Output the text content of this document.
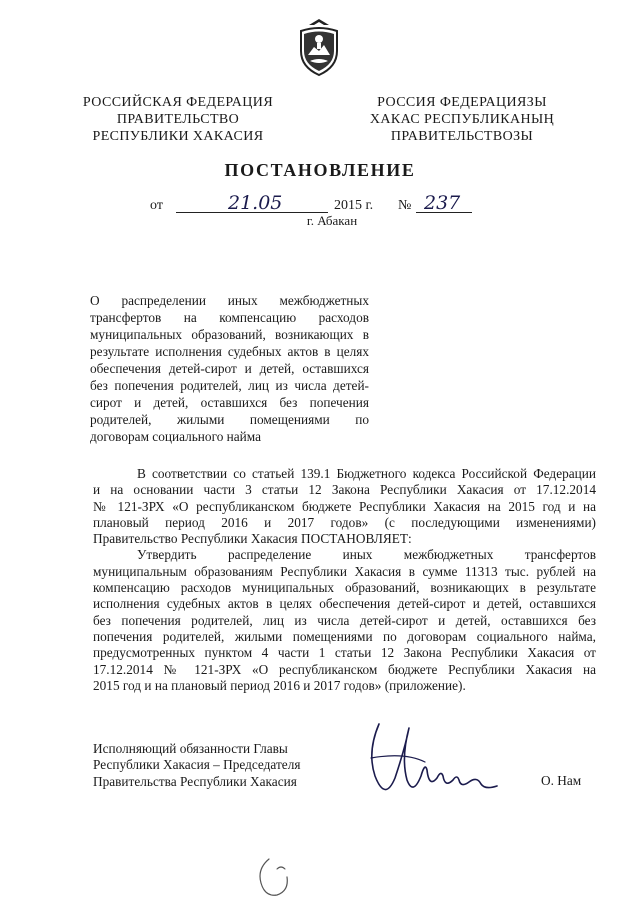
РОССИЙСКАЯ ФЕДЕРАЦИЯ
ПРАВИТЕЛЬСТВО
РЕСПУБЛИКИ ХАКАСИЯ
РОССИЯ ФЕДЕРАЦИЯЗЫ
ХАКАС РЕСПУБЛИКАНЫҢ
ПРАВИТЕЛЬСТВОЗЫ
ПОСТАНОВЛЕНИЕ
от	21.05	2015 г. № 237
г. Абакан
О распределении иных межбюджетных
трансфертов на компенсацию расходов
муниципальных образований, возникающих в
результате исполнения судебных актов в целях
обеспечения детей-сирот и детей, оставшихся
без попечения родителей, лиц из числа детей-
сирот и детей, оставшихся без попечения
родителей, жилыми помещениями по
договорам социального найма
В соответствии со статьей 139.1 Бюджетного кодекса Российской Федерации
и на основании части 3 статьи 12 Закона Республики Хакасия от 17.12.2014
№ 121-ЗРХ «О республиканском бюджете Республики Хакасия на 2015 год и на
плановый период 2016 и 2017 годов» (с последующими изменениями)
Правительство Республики Хакасия ПОСТАНОВЛЯЕТ:
Утвердить распределение иных межбюджетных трансфертов
муниципальным образованиям Республики Хакасия в сумме 11313 тыс. рублей на
компенсацию расходов муниципальных образований, возникающих в результате
исполнения судебных актов в целях обеспечения детей-сирот и детей, оставшихся
без попечения родителей, лиц из числа детей-сирот и детей, оставшихся без
попечения родителей, жилыми помещениями по договорам социального найма,
предусмотренных пунктом 4 части 1 статьи 12 Закона Республики Хакасия от
17.12.2014 № 121-ЗРХ «О республиканском бюджете Республики Хакасия на
2015 год и на плановый период 2016 и 2017 годов» (приложение).
Исполняющий обязанности Главы
Республики Хакасия – Председателя
Правительства Республики Хакасия	О. Нам
